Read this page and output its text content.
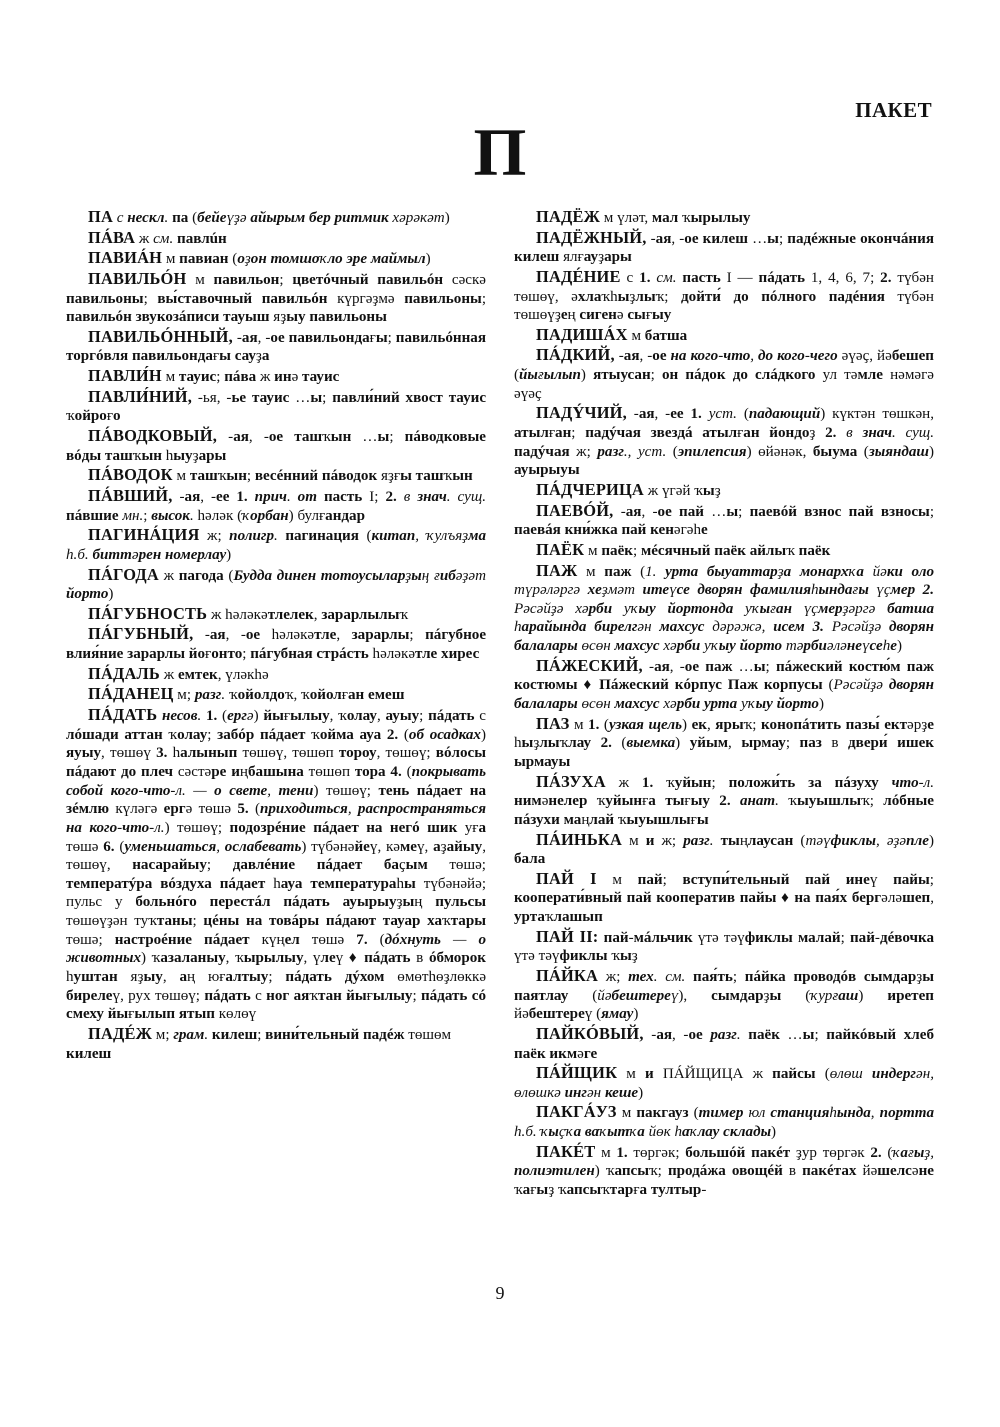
ПАКЕТ
П

ПА с нескл. па (бейеүҙә айырым бер ритмик хәрәкәт)

ПÁВА ж см. павлúн

ПАВИÁН м павиан (оҙон томшоҡло эре маймыл)

ПАВИЛЬÓН м павильон; цветóчный павильóн сәскә павильоны; вы́ставочный павильóн күргәҙмә павильоны; павильóн звукозáписи тауыш яҙыу павильоны

ПАВИЛЬÓННЫЙ, -ая, -ое павильондағы; павильóнная торгóвля павильондағы сауҙа

ПАВЛИ́Н м тауис; пáва ж инә тауис

ПАВЛИ́НИЙ, -ья, -ье тауис …ы; павли́ний хвост тауис ҡойроғо

ПÁВОДКОВЫЙ, -ая, -ое ташҡын …ы; пáводковые вóды ташҡын һыуҙары

ПÁВОДОК м ташҡын; весéнний пáводок яҙғы ташҡын

ПÁВШИЙ, -ая, -ее 1. прич. от пасть I; 2. в знач. сущ. пáвшие мн.; высок. һәләк (ҡорбан) булғандар

ПАГИНÁЦИЯ ж; полигр. пагинация (китап, ҡулъяҙма һ.б. биттәрен номерлау)

ПÁГОДА ж пагода (Будда динен тотоусыларҙың ғибәҙәт йорто)

ПÁГУБНОСТЬ ж һәләкәтлелек, зарарлылыҡ

ПÁГУБНЫЙ, -ая, -ое һәләкәтле, зарарлы; пáгубное влия́ние зарарлы йоғонто; пáгубная стрáсть һәләкәтле хирес

ПÁДАЛЬ ж емтек, үләкһә

ПÁДАНЕЦ м; разг. ҡойолдоҡ, ҡойолған емеш

ПÁДАТЬ несов. 1. (ергә) йығылыу, ҡолау, ауыу; пáдать с лóшади аттан ҡолау; забóр пáдает ҡойма ауа 2. (об осадках) яуыу, төшөү 3. һалынып төшөү, төшөп тороу, төшөү; вóлосы пáдают до плеч сәстәре иңбашына төшөп тора 4. (покрывать собой кого-что-л. — о свете, тени) төшөү; тень пáдает на зéмлю күләгә ергә төшә 5. (приходиться, распространяться на кого-что-л.) төшөү; подозрéние пáдает на негó шик уға төшә 6. (уменьшаться, ослабевать) түбәнәйеү, кәмеү, аҙайыу, төшөү, насарайыу; давлéние пáдает баҫым төшә; температýра вóздуха пáдает һауа температураһы түбәнәйә; пульс у больнóго перестáл пáдать ауырыуҙың пульсы төшөүҙән туҡтаны; цéны на товáры пáдают тауар хаҡтары төшә; настроéние пáдает күңел төшә 7. (дóхнуть — о животных) ҡазаланыу, ҡырылыу, үлеү ♦ пáдать в óбморок һуштан яҙыу, аң юғалтыу; пáдать дýхом өмөтһөҙлөккә бирелеү, рух төшөү; пáдать с ног аяҡтан йығылыу; пáдать сó смеху йығылып ятып көлөү

ПАДÉЖ м; грам. килеш; вини́тельный падéж төшөм килеш

ПАДЁЖ м үләт, мал ҡырылыу

ПАДЁЖНЫЙ, -ая, -ое килеш …ы; падéжные окончáния килеш ялғауҙары

ПАДÉНИЕ с 1. см. пасть I — пáдать 1, 4, 6, 7; 2. түбән төшөү, әхлаҡһыҙлыҡ; дойти́ до пóлного падéния түбән төшөүҙең сигенә сығыу

ПАДИШÁХ м батша

ПÁДКИЙ, -ая, -ое на кого-что, до кого-чего әүәҫ, йәбешеп (йығылып) ятыусан; он пáдок до слáдкого ул тәмле нәмәгә әүәҫ

ПАДÝЧИЙ, -ая, -ее 1. уст. (падающий) күктән төшкән, атылған; падýчая звездá атылған йондоҙ 2. в знач. сущ. падýчая ж; разг., уст. (эпилепсия) өйәнәк, быума (зыяндаш) ауырыуы

ПÁДЧЕРИЦА ж үгәй ҡыҙ

ПАЕВÓЙ, -ая, -ое пай …ы; паевóй взнос пай взносы; паевáя кни́жка пай кенәгәһе

ПАЁК м паёк; мéсячный паёк айлыҡ паёк

ПАЖ м паж (1. урта быуаттарҙа монархҡа йәки оло түрәләргә хеҙмәт итеүсе дворян фамилияһындағы үҫмер 2. Рәсәйҙә хәрби уҡыу йортонда уҡыған үҫмерҙәргә батша һарайында бирелгән махсус дәрәжә, исем 3. Рәсәйҙә дворян балалары өсөн махсус хәрби уҡыу йорто тәрбиәләнеүсеһе)

ПÁЖЕСКИЙ, -ая, -ое паж …ы; пáжеский костю́м паж костюмы ♦ Пáжеский кóрпус Паж корпусы (Рәсәйҙә дворян балалары өсөн махсус хәрби урта уҡыу йорто)

ПАЗ м 1. (узкая щель) ек, ярыҡ; конопáтить пазы́ ектәрҙе һыҙлыҡлау 2. (выемка) уйым, ырмау; паз в двери́ ишек ырмауы

ПÁЗУХА ж 1. ҡуйын; положи́ть за пáзуху что-л. нимәнелер ҡуйынға тығыу 2. анат. ҡыуышлыҡ; лóбные пáзухи маңлай ҡыуышлығы

ПÁИНЬКА м и ж; разг. тыңлаусан (тәүфиклы, әҙәпле) бала

ПАЙ I м пай; вступи́тельный пай инеү пайы; кооперати́вный пай кооператив пайы ♦ на пая́х бергәләшеп, уртаҡлашып

ПАЙ II: пай-мáльчик үтә тәүфиклы малай; пай-дéвочка үтә тәүфиклы ҡыҙ

ПÁЙКА ж; тех. см. пая́ть; пáйка проводóв сымдарҙы паятлау (йәбештереү), сымдарҙы (ҡурғаш) иретеп йәбештереү (ямау)

ПАЙКÓВЫЙ, -ая, -ое разг. паёк …ы; пайкóвый хлеб паёк икмәге

ПÁЙЩИК м и ПÁЙЩИЦА ж пайсы (өлөш индергән, өлөшкә ингән кеше)

ПАКГÁУЗ м пакгауз (тимер юл станцияһында, портта һ.б. ҡыҫҡа ваҡытҡа йөк һаҡлау склады)

ПАКÉТ м 1. төргәк; большóй пакéт ҙур төргәк 2. (ҡағыҙ, полиэтилен) ҡапсыҡ; продáжа овощéй в пакéтах йәшелсәне ҡағыҙ ҡапсыҡтарға тултыр-

9
